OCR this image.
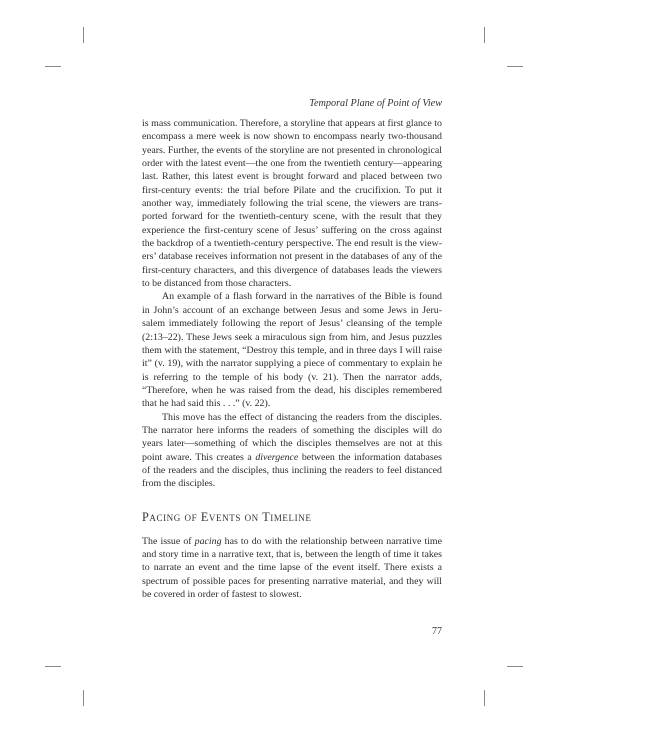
Temporal Plane of Point of View

is mass communication. Therefore, a storyline that appears at first glance to encompass a mere week is now shown to encompass nearly two-thousand years. Further, the events of the storyline are not presented in chronological order with the latest event—the one from the twentieth century—appearing last. Rather, this latest event is brought forward and placed between two first-century events: the trial before Pilate and the crucifixion. To put it another way, immediately following the trial scene, the viewers are transported forward for the twentieth-century scene, with the result that they experience the first-century scene of Jesus’ suffering on the cross against the backdrop of a twentieth-century perspective. The end result is the viewers’ database receives information not present in the databases of any of the first-century characters, and this divergence of databases leads the viewers to be distanced from those characters.

An example of a flash forward in the narratives of the Bible is found in John’s account of an exchange between Jesus and some Jews in Jerusalem immediately following the report of Jesus’ cleansing of the temple (2:13–22). These Jews seek a miraculous sign from him, and Jesus puzzles them with the statement, “Destroy this temple, and in three days I will raise it” (v. 19), with the narrator supplying a piece of commentary to explain he is referring to the temple of his body (v. 21). Then the narrator adds, “Therefore, when he was raised from the dead, his disciples remembered that he had said this . . .” (v. 22).

This move has the effect of distancing the readers from the disciples. The narrator here informs the readers of something the disciples will do years later—something of which the disciples themselves are not at this point aware. This creates a divergence between the information databases of the readers and the disciples, thus inclining the readers to feel distanced from the disciples.

Pacing of Events on Timeline

The issue of pacing has to do with the relationship between narrative time and story time in a narrative text, that is, between the length of time it takes to narrate an event and the time lapse of the event itself. There exists a spectrum of possible paces for presenting narrative material, and they will be covered in order of fastest to slowest.

77
